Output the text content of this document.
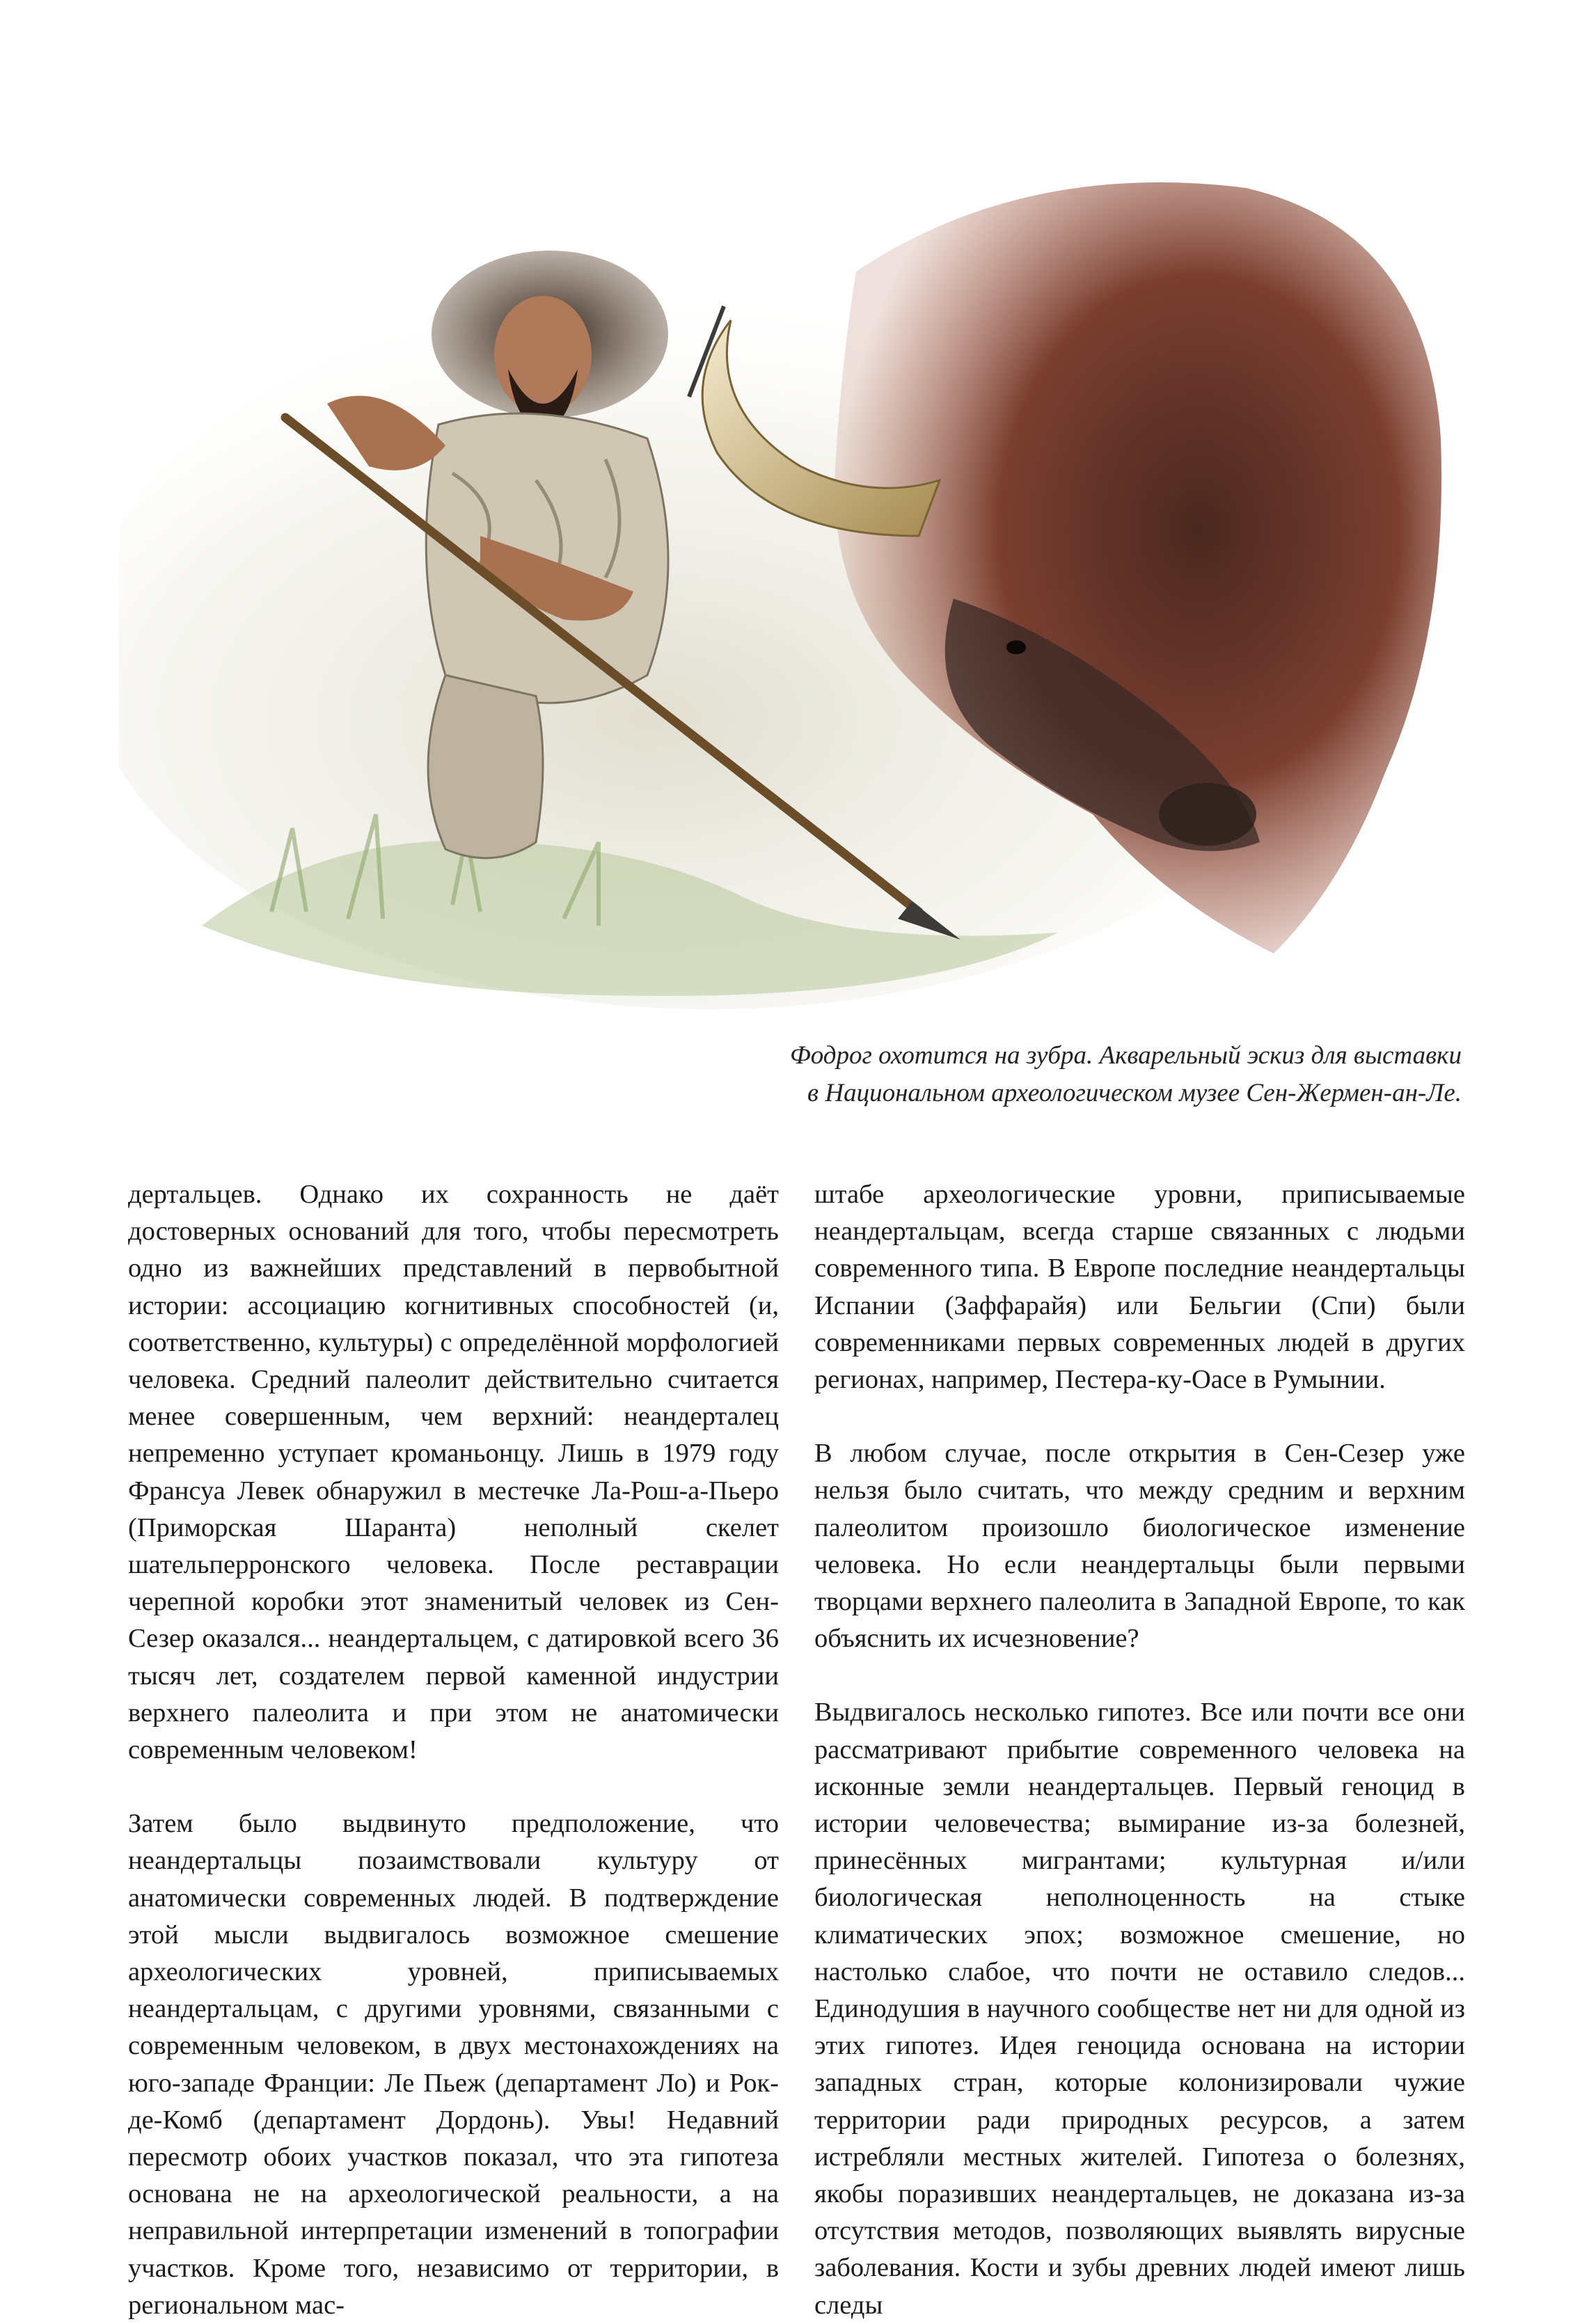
Фодрог охотится на зубра. Акварельный эскиз для выставки

в Национальном археологическом музее Сен-Жермен-ан-Ле.

дертальцев. Однако их сохранность не даёт достоверных оснований для того, чтобы пересмотреть одно из важнейших представлений в первобытной истории: ассоциацию когнитивных способностей (и, соответственно, культуры) с определённой морфологией человека. Средний палеолит действительно считается менее совершенным, чем верхний: неандерталец непременно уступает кроманьонцу. Лишь в 1979 году Франсуа Левек обнаружил в местечке Ла-Рош-а-Пьеро (Приморская Шаранта) неполный скелет шательперронского человека. После реставрации черепной коробки этот знаменитый человек из Сен-Сезер оказался... неандертальцем, с датировкой всего 36 тысяч лет, создателем первой каменной индустрии верхнего палеолита и при этом не анатомически современным человеком!

Затем было выдвинуто предположение, что неандертальцы позаимствовали культуру от анатомически современных людей. В подтверждение этой мысли выдвигалось возможное смешение археологических уровней, приписываемых неандертальцам, с другими уровнями, связанными с современным человеком, в двух местонахождениях на юго-западе Франции: Ле Пьеж (департамент Ло) и Рок-де-Комб (департамент Дордонь). Увы! Недавний пересмотр обоих участков показал, что эта гипотеза основана не на археологической реальности, а на неправильной интерпретации изменений в топографии участков. Кроме того, независимо от территории, в региональном мас-

штабе археологические уровни, приписываемые неандертальцам, всегда старше связанных с людьми современного типа. В Европе последние неандертальцы Испании (Заффарайя) или Бельгии (Спи) были современниками первых современных людей в других регионах, например, Пестера-ку-Оасе в Румынии.

В любом случае, после открытия в Сен-Сезер уже нельзя было считать, что между средним и верхним палеолитом произошло биологическое изменение человека. Но если неандертальцы были первыми творцами верхнего палеолита в Западной Европе, то как объяснить их исчезновение?

Выдвигалось несколько гипотез. Все или почти все они рассматривают прибытие современного человека на исконные земли неандертальцев. Первый геноцид в истории человечества; вымирание из-за болезней, принесённых мигрантами; культурная и/или биологическая неполноценность на стыке климатических эпох; возможное смешение, но настолько слабое, что почти не оставило следов... Единодушия в научного сообществе нет ни для одной из этих гипотез. Идея геноцида основана на истории западных стран, которые колонизировали чужие территории ради природных ресурсов, а затем истребляли местных жителей. Гипотеза о болезнях, якобы поразивших неандертальцев, не доказана из-за отсутствия методов, позволяющих выявлять вирусные заболевания. Кости и зубы древних людей имеют лишь следы
